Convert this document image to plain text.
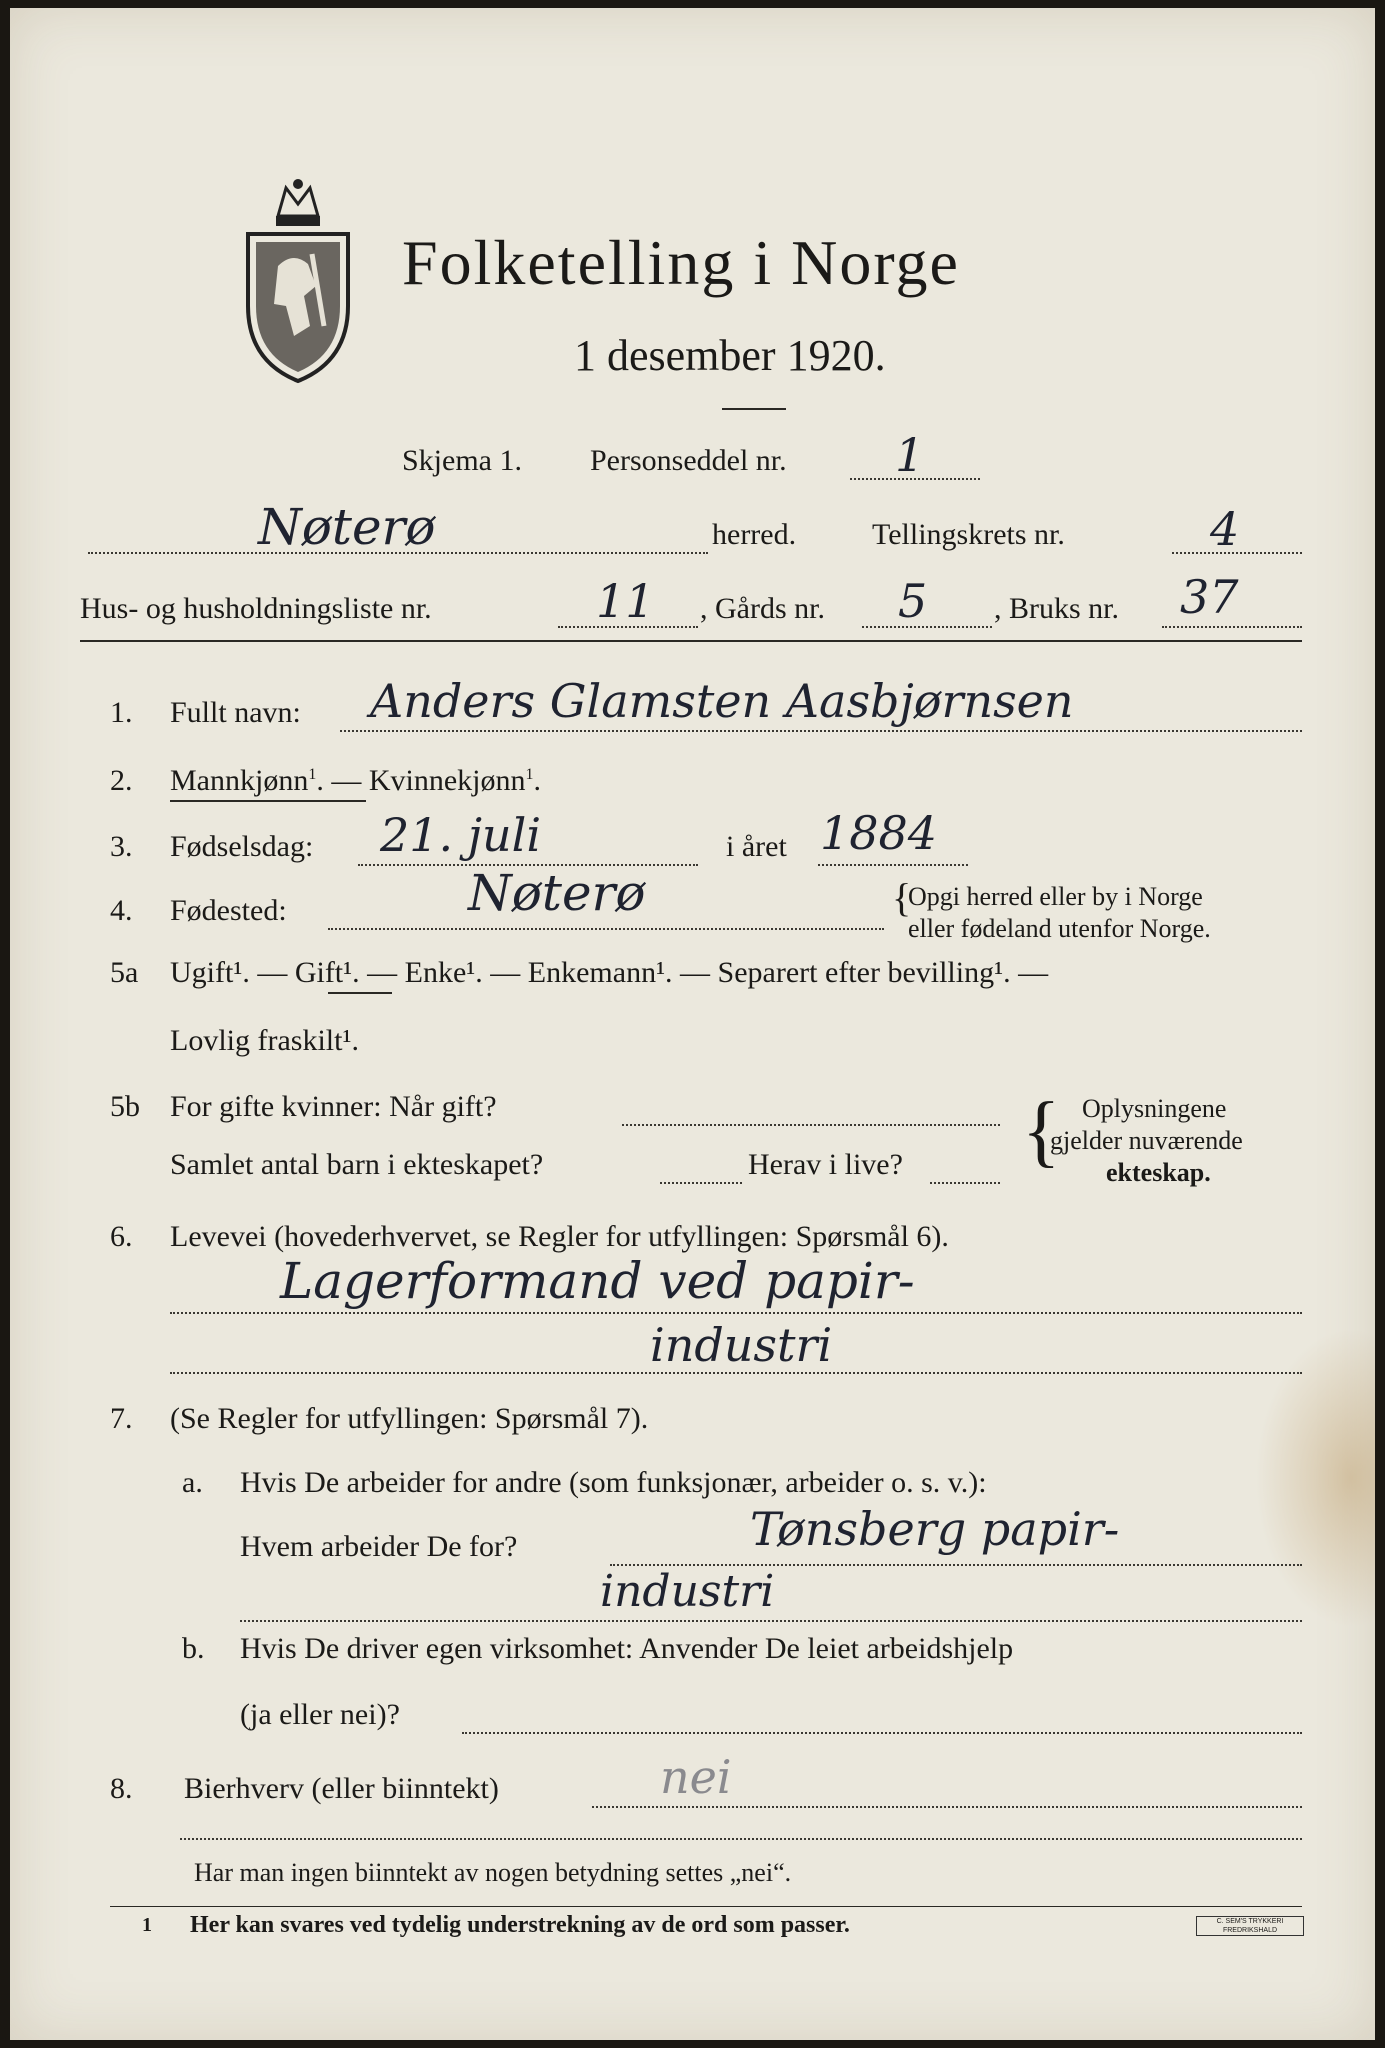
Folketelling i Norge
1 desember 1920.
Skjema 1. Personseddel nr. 1
Nøterø	herred.	Tellingskrets nr.	4
Hus- og husholdningsliste nr.	11 , Gårds nr. 5 , Bruks nr. 37
1. Fullt navn: Anders Glamsten Aasbjørnsen
2. Mannkjønn$^1$. — Kvinnekjønn$^1$.
3. Fødselsdag: 21. juli	i året 1884
4. Fødested:	Nøterø	{
Opgi herred eller by i Norge
eller fødeland utenfor Norge.
5a Ugift¹. — Gift¹. — Enke¹. — Enkemann¹. — Separert efter bevilling¹. —
Lovlig fraskilt¹.
5b For gifte kvinner: Når gift?
Samlet antal barn i ekteskapet?	Herav i live? { Oplysningene
gjelder nuværende
ekteskap.
6. Levevei (hovederhvervet, se Regler for utfyllingen: Spørsmål 6).
Lagerformand ved papir-
industri
7. (Se Regler for utfyllingen: Spørsmål 7).
a. Hvis De arbeider for andre (som funksjonær, arbeider o. s. v.):
Hvem arbeider De for?	Tønsberg papir-
industri
b. Hvis De driver egen virksomhet: Anvender De leiet arbeidshjelp
(ja eller nei)?
8. Bierhverv (eller biinntekt)	nei
Har man ingen biinntekt av nogen betydning settes „nei“.
1 Her kan svares ved tydelig understrekning av de ord som passer.	C. SEM'S TRYKKERI FREDRIKSHALD
